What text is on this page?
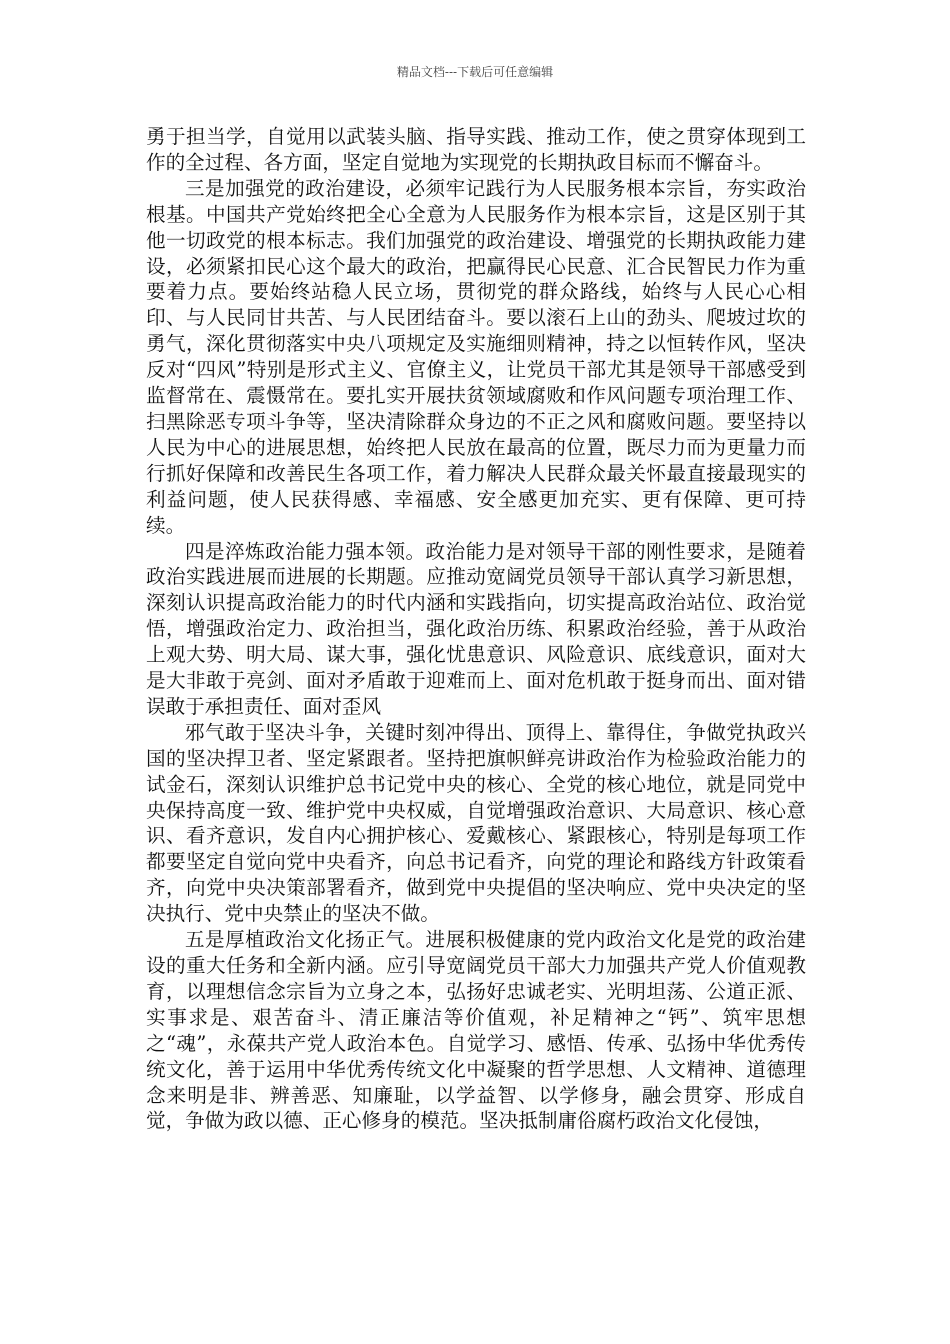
精品文档---下载后可任意编辑

勇于担当学，自觉用以武装头脑、指导实践、推动工作，使之贯穿体现到工作的全过程、各方面，坚定自觉地为实现党的长期执政目标而不懈奋斗。

三是加强党的政治建设，必须牢记践行为人民服务根本宗旨，夯实政治根基。中国共产党始终把全心全意为人民服务作为根本宗旨，这是区别于其他一切政党的根本标志。我们加强党的政治建设、增强党的长期执政能力建设，必须紧扣民心这个最大的政治，把赢得民心民意、汇合民智民力作为重要着力点。要始终站稳人民立场，贯彻党的群众路线，始终与人民心心相印、与人民同甘共苦、与人民团结奋斗。要以滚石上山的劲头、爬坡过坎的勇气，深化贯彻落实中央八项规定及实施细则精神，持之以恒转作风，坚决反对“四风”特别是形式主义、官僚主义，让党员干部尤其是领导干部感受到监督常在、震慑常在。要扎实开展扶贫领域腐败和作风问题专项治理工作、扫黑除恶专项斗争等，坚决清除群众身边的不正之风和腐败问题。要坚持以人民为中心的进展思想，始终把人民放在最高的位置，既尽力而为更量力而行抓好保障和改善民生各项工作，着力解决人民群众最关怀最直接最现实的利益问题，使人民获得感、幸福感、安全感更加充实、更有保障、更可持续。

四是淬炼政治能力强本领。政治能力是对领导干部的刚性要求，是随着政治实践进展而进展的长期题。应推动宽阔党员领导干部认真学习新思想，深刻认识提高政治能力的时代内涵和实践指向，切实提高政治站位、政治觉悟，增强政治定力、政治担当，强化政治历练、积累政治经验，善于从政治上观大势、明大局、谋大事，强化忧患意识、风险意识、底线意识，面对大是大非敢于亮剑、面对矛盾敢于迎难而上、面对危机敢于挺身而出、面对错误敢于承担责任、面对歪风

邪气敢于坚决斗争，关键时刻冲得出、顶得上、靠得住，争做党执政兴国的坚决捍卫者、坚定紧跟者。坚持把旗帜鲜亮讲政治作为检验政治能力的试金石，深刻认识维护总书记党中央的核心、全党的核心地位，就是同党中央保持高度一致、维护党中央权威，自觉增强政治意识、大局意识、核心意识、看齐意识，发自内心拥护核心、爱戴核心、紧跟核心，特别是每项工作都要坚定自觉向党中央看齐，向总书记看齐，向党的理论和路线方针政策看齐，向党中央决策部署看齐，做到党中央提倡的坚决响应、党中央决定的坚决执行、党中央禁止的坚决不做。

五是厚植政治文化扬正气。进展积极健康的党内政治文化是党的政治建设的重大任务和全新内涵。应引导宽阔党员干部大力加强共产党人价值观教育，以理想信念宗旨为立身之本，弘扬好忠诚老实、光明坦荡、公道正派、实事求是、艰苦奋斗、清正廉洁等价值观，补足精神之“钙”、筑牢思想之“魂”，永葆共产党人政治本色。自觉学习、感悟、传承、弘扬中华优秀传统文化，善于运用中华优秀传统文化中凝聚的哲学思想、人文精神、道德理念来明是非、辨善恶、知廉耻，以学益智、以学修身，融会贯穿、形成自觉，争做为政以德、正心修身的模范。坚决抵制庸俗腐朽政治文化侵蚀，
